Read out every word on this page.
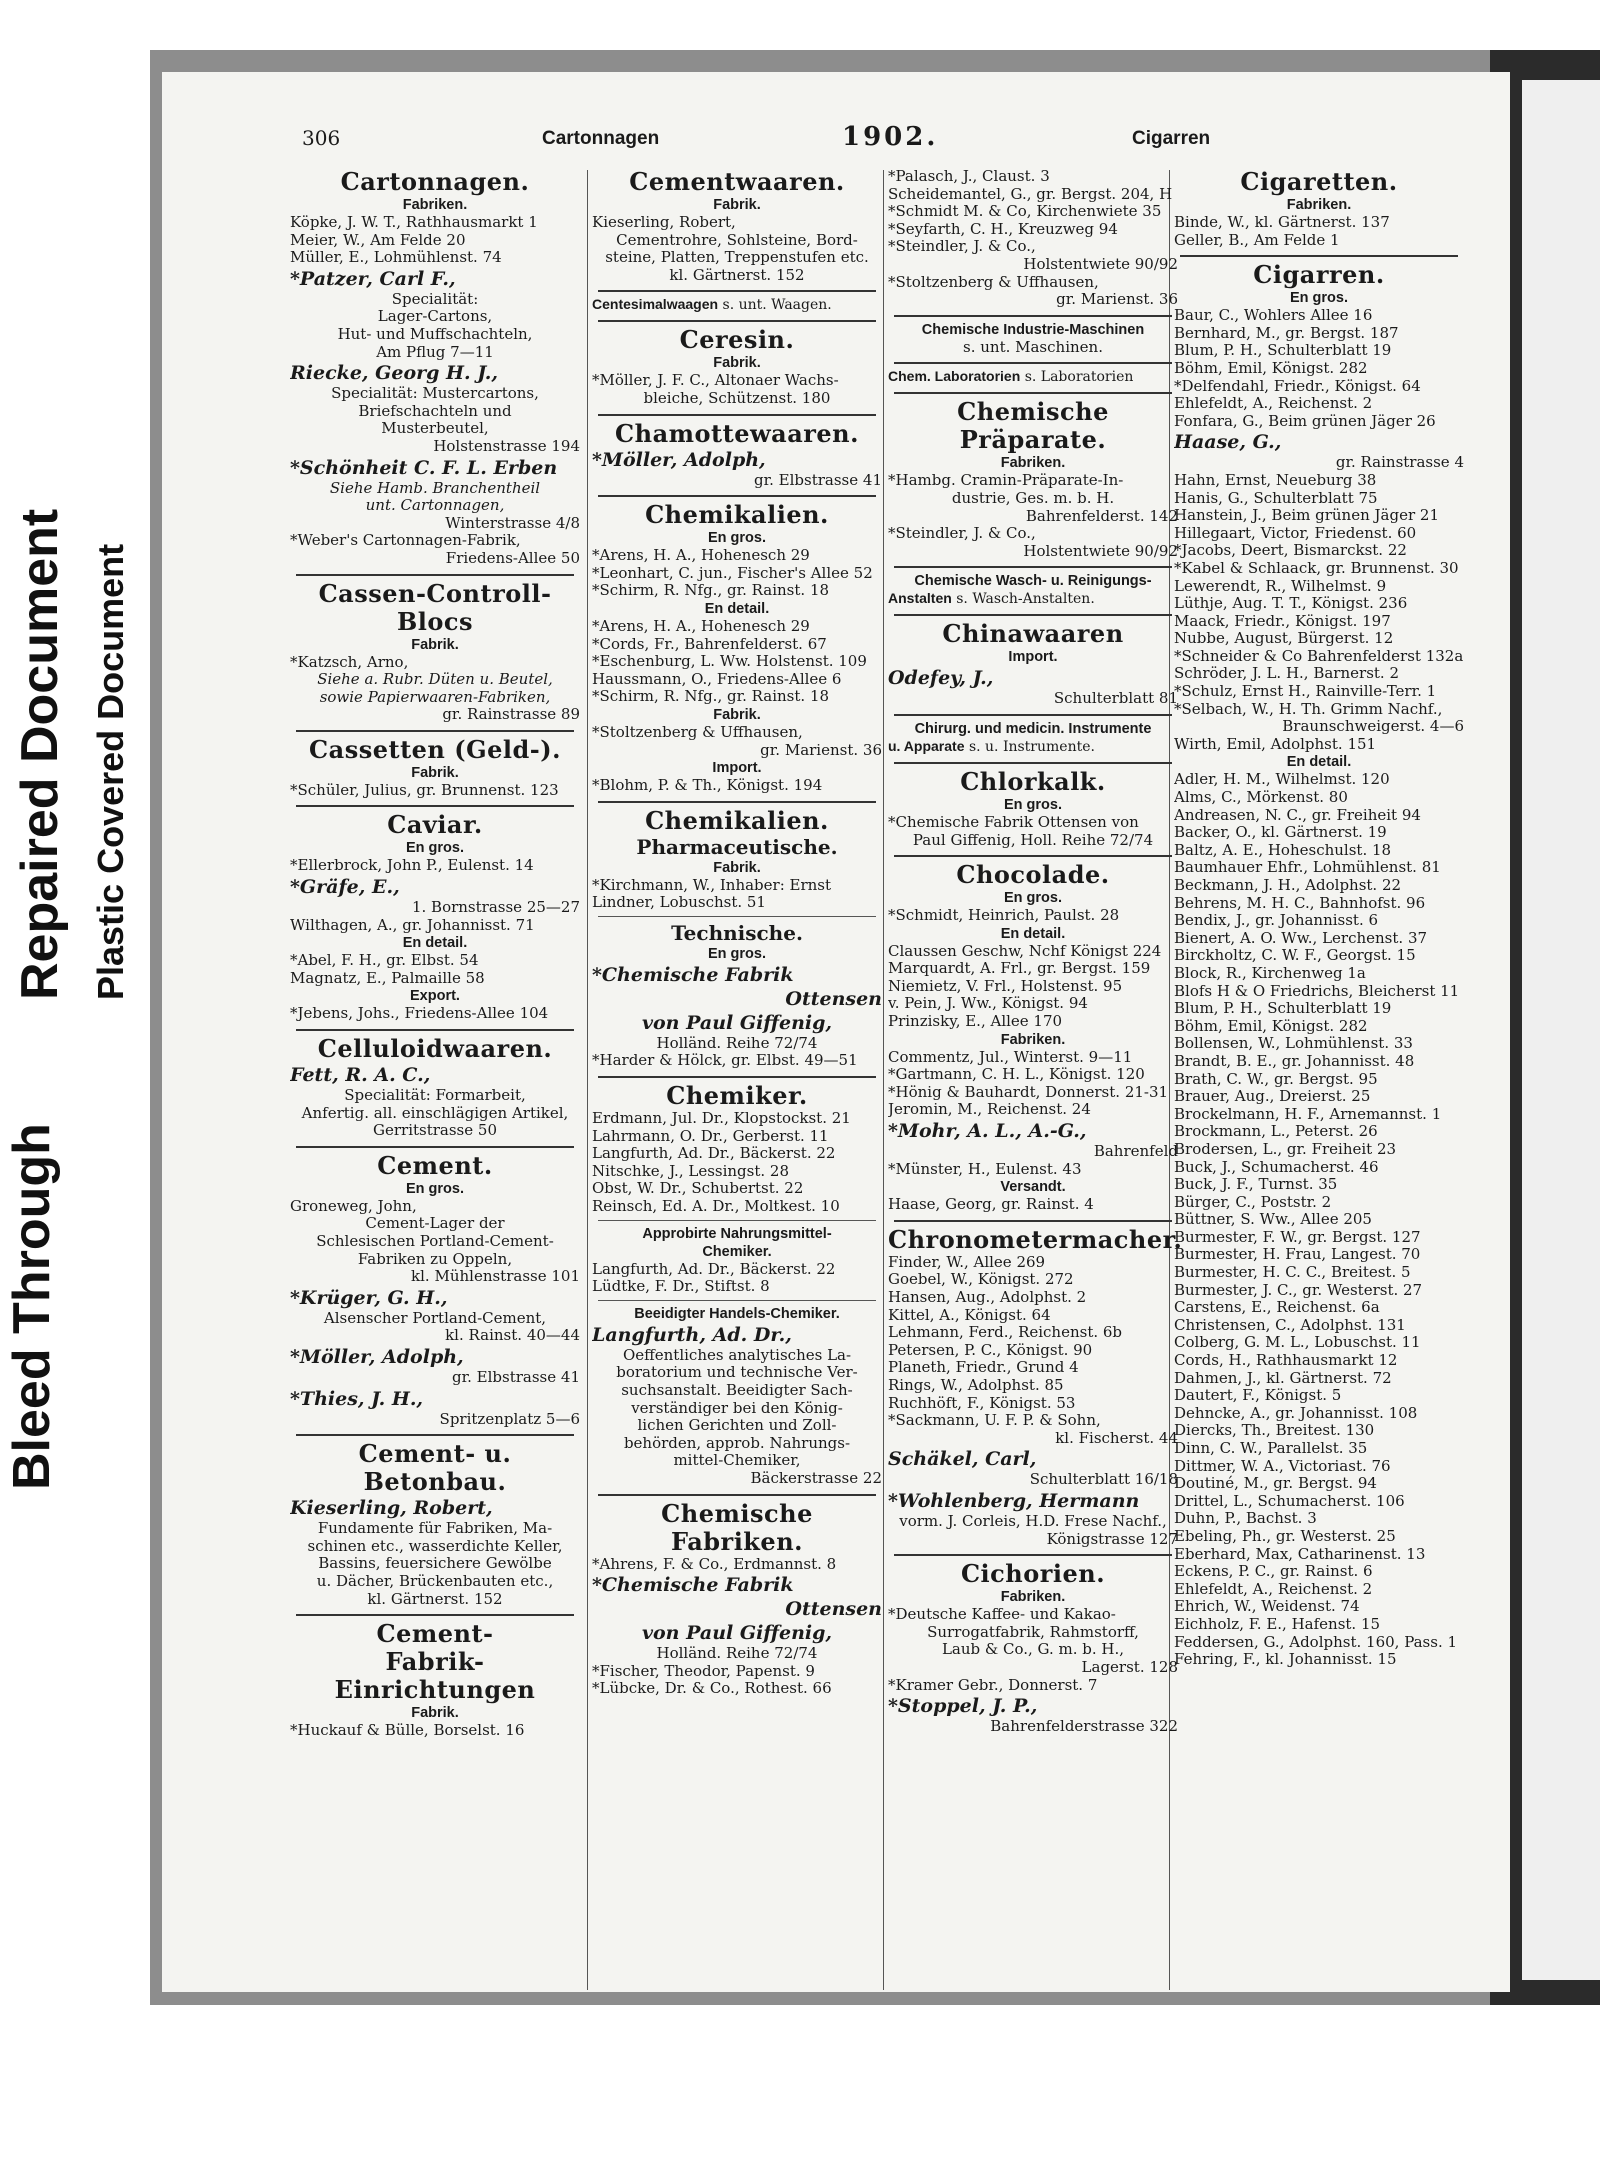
Bleed Through
Repaired Document Plastic Covered Document
306	Cartonnagen	1902.	Cigarren
Cartonnagen.
Fabriken.
Köpke, J. W. T., Rathhausmarkt 1
Meier, W., Am Felde 20
Müller, E., Lohmühlenst. 74
*Patzer, Carl F.,
Specialität:
Lager-Cartons,
Hut- und Muffschachteln,
Am Pflug 7—11
Riecke, Georg H. J.,
Specialität: Mustercartons,
Briefschachteln und
Musterbeutel,
Holstenstrasse 194
*Schönheit C. F. L. Erben
Siehe Hamb. Branchentheil
unt. Cartonnagen,
Winterstrasse 4/8
*Weber's Cartonnagen-Fabrik,
Friedens-Allee 50
Cassen-Controll-Blocs
Fabrik.
*Katzsch, Arno,
Siehe a. Rubr. Düten u. Beutel,
sowie Papierwaaren-Fabriken,
gr. Rainstrasse 89
Cassetten (Geld-).
Fabrik.
*Schüler, Julius, gr. Brunnenst. 123
Caviar.
En gros.
*Ellerbrock, John P., Eulenst. 14
*Gräfe, E.,
1. Bornstrasse 25—27
Wilthagen, A., gr. Johannisst. 71
En detail.
*Abel, F. H., gr. Elbst. 54
Magnatz, E., Palmaille 58
Export.
*Jebens, Johs., Friedens-Allee 104
Celluloidwaaren.
Fett, R. A. C.,
Specialität: Formarbeit,
Anfertig. all. einschlägigen Artikel,
Gerritstrasse 50
Cement.
En gros.
Groneweg, John,
Cement-Lager der
Schlesischen Portland-Cement-
Fabriken zu Oppeln,
kl. Mühlenstrasse 101
*Krüger, G. H.,
Alsenscher Portland-Cement,
kl. Rainst. 40—44
*Möller, Adolph,
gr. Elbstrasse 41
*Thies, J. H.,
Spritzenplatz 5—6
Cement- u. Betonbau.
Kieserling, Robert,
Fundamente für Fabriken, Ma-
schinen etc., wasserdichte Keller,
Bassins, feuersichere Gewölbe
u. Dächer, Brückenbauten etc.,
kl. Gärtnerst. 152
Cement-
Fabrik-Einrichtungen
Fabrik.
*Huckauf & Bülle, Borselst. 16
Cementwaaren.
Fabrik.
Kieserling, Robert,
Cementrohre, Sohlsteine, Bord-
steine, Platten, Treppenstufen etc.
kl. Gärtnerst. 152
Centesimalwaagen s. unt. Waagen.
Ceresin.
Fabrik.
*Möller, J. F. C., Altonaer Wachs-
bleiche, Schützenst. 180
Chamottewaaren.
*Möller, Adolph,
gr. Elbstrasse 41
Chemikalien.
En gros.
*Arens, H. A., Hohenesch 29
*Leonhart, C. jun., Fischer's Allee 52
*Schirm, R. Nfg., gr. Rainst. 18
En detail.
*Arens, H. A., Hohenesch 29
*Cords, Fr., Bahrenfelderst. 67
*Eschenburg, L. Ww. Holstenst. 109
Haussmann, O., Friedens-Allee 6
*Schirm, R. Nfg., gr. Rainst. 18
Fabrik.
*Stoltzenberg & Uffhausen,
gr. Marienst. 36
Import.
*Blohm, P. & Th., Königst. 194
Chemikalien.
Pharmaceutische.
Fabrik.
*Kirchmann, W., Inhaber: Ernst
Lindner, Lobuschst. 51
Technische.
En gros.
*Chemische Fabrik
Ottensen
von Paul Giffenig,
Holländ. Reihe 72/74
*Harder & Hölck, gr. Elbst. 49—51
Chemiker.
Erdmann, Jul. Dr., Klopstockst. 21
Lahrmann, O. Dr., Gerberst. 11
Langfurth, Ad. Dr., Bäckerst. 22
Nitschke, J., Lessingst. 28
Obst, W. Dr., Schubertst. 22
Reinsch, Ed. A. Dr., Moltkest. 10
Approbirte Nahrungsmittel-
Chemiker.
Langfurth, Ad. Dr., Bäckerst. 22
Lüdtke, F. Dr., Stiftst. 8
Beeidigter Handels-Chemiker.
Langfurth, Ad. Dr.,
Oeffentliches analytisches La-
boratorium und technische Ver-
suchsanstalt. Beeidigter Sach-
verständiger bei den König-
lichen Gerichten und Zoll-
behörden, approb. Nahrungs-
mittel-Chemiker,
Bäckerstrasse 22
Chemische Fabriken.
*Ahrens, F. & Co., Erdmannst. 8
*Chemische Fabrik
Ottensen
von Paul Giffenig,
Holländ. Reihe 72/74
*Fischer, Theodor, Papenst. 9
*Lübcke, Dr. & Co., Rothest. 66
*Palasch, J., Claust. 3
Scheidemantel, G., gr. Bergst. 204, H
*Schmidt M. & Co, Kirchenwiete 35
*Seyfarth, C. H., Kreuzweg 94
*Steindler, J. & Co.,
Holstentwiete 90/92
*Stoltzenberg & Uffhausen,
gr. Marienst. 36
Chemische Industrie-Maschinen
s. unt. Maschinen.
Chem. Laboratorien s. Laboratorien
Chemische Präparate.
Fabriken.
*Hambg. Cramin-Präparate-In-
dustrie, Ges. m. b. H.
Bahrenfelderst. 142
*Steindler, J. & Co.,
Holstentwiete 90/92
Chemische Wasch- u. Reinigungs-
Anstalten s. Wasch-Anstalten.
Chinawaaren
Import.
Odefey, J.,
Schulterblatt 81
Chirurg. und medicin. Instrumente
u. Apparate s. u. Instrumente.
Chlorkalk.
En gros.
*Chemische Fabrik Ottensen von
Paul Giffenig, Holl. Reihe 72/74
Chocolade.
En gros.
*Schmidt, Heinrich, Paulst. 28
En detail.
Claussen Geschw, Nchf Königst 224
Marquardt, A. Frl., gr. Bergst. 159
Niemietz, V. Frl., Holstenst. 95
v. Pein, J. Ww., Königst. 94
Prinzisky, E., Allee 170
Fabriken.
Commentz, Jul., Winterst. 9—11
*Gartmann, C. H. L., Königst. 120
*Hönig & Bauhardt, Donnerst. 21-31
Jeromin, M., Reichenst. 24
*Mohr, A. L., A.-G.,
Bahrenfeld
*Münster, H., Eulenst. 43
Versandt.
Haase, Georg, gr. Rainst. 4
Chronometermacher.
Finder, W., Allee 269
Goebel, W., Königst. 272
Hansen, Aug., Adolphst. 2
Kittel, A., Königst. 64
Lehmann, Ferd., Reichenst. 6b
Petersen, P. C., Königst. 90
Planeth, Friedr., Grund 4
Rings, W., Adolphst. 85
Ruchhöft, F., Königst. 53
*Sackmann, U. F. P. & Sohn,
kl. Fischerst. 44
Schäkel, Carl,
Schulterblatt 16/18
*Wohlenberg, Hermann
vorm. J. Corleis, H.D. Frese Nachf.,
Königstrasse 127
Cichorien.
Fabriken.
*Deutsche Kaffee- und Kakao-
Surrogatfabrik, Rahmstorff,
Laub & Co., G. m. b. H.,
Lagerst. 128
*Kramer Gebr., Donnerst. 7
*Stoppel, J. P.,
Bahrenfelderstrasse 322
Cigaretten.
Fabriken.
Binde, W., kl. Gärtnerst. 137
Geller, B., Am Felde 1
Cigarren.
En gros.
Baur, C., Wohlers Allee 16
Bernhard, M., gr. Bergst. 187
Blum, P. H., Schulterblatt 19
Böhm, Emil, Königst. 282
*Delfendahl, Friedr., Königst. 64
Ehlefeldt, A., Reichenst. 2
Fonfara, G., Beim grünen Jäger 26
Haase, G.,
gr. Rainstrasse 4
Hahn, Ernst, Neueburg 38
Hanis, G., Schulterblatt 75
Hanstein, J., Beim grünen Jäger 21
Hillegaart, Victor, Friedenst. 60
*Jacobs, Deert, Bismarckst. 22
*Kabel & Schlaack, gr. Brunnenst. 30
Lewerendt, R., Wilhelmst. 9
Lüthje, Aug. T. T., Königst. 236
Maack, Friedr., Königst. 197
Nubbe, August, Bürgerst. 12
*Schneider & Co Bahrenfelderst 132a
Schröder, J. L. H., Barnerst. 2
*Schulz, Ernst H., Rainville-Terr. 1
*Selbach, W., H. Th. Grimm Nachf.,
Braunschweigerst. 4—6
Wirth, Emil, Adolphst. 151
En detail.
Adler, H. M., Wilhelmst. 120
Alms, C., Mörkenst. 80
Andreasen, N. C., gr. Freiheit 94
Backer, O., kl. Gärtnerst. 19
Baltz, A. E., Hoheschulst. 18
Baumhauer Ehfr., Lohmühlenst. 81
Beckmann, J. H., Adolphst. 22
Behrens, M. H. C., Bahnhofst. 96
Bendix, J., gr. Johannisst. 6
Bienert, A. O. Ww., Lerchenst. 37
Birckholtz, C. W. F., Georgst. 15
Block, R., Kirchenweg 1a
Blofs H & O Friedrichs, Bleicherst 11
Blum, P. H., Schulterblatt 19
Böhm, Emil, Königst. 282
Bollensen, W., Lohmühlenst. 33
Brandt, B. E., gr. Johannisst. 48
Brath, C. W., gr. Bergst. 95
Brauer, Aug., Dreierst. 25
Brockelmann, H. F., Arnemannst. 1
Brockmann, L., Peterst. 26
Brodersen, L., gr. Freiheit 23
Buck, J., Schumacherst. 46
Buck, J. F., Turnst. 35
Bürger, C., Poststr. 2
Büttner, S. Ww., Allee 205
Burmester, F. W., gr. Bergst. 127
Burmester, H. Frau, Langest. 70
Burmester, H. C. C., Breitest. 5
Burmester, J. C., gr. Westerst. 27
Carstens, E., Reichenst. 6a
Christensen, C., Adolphst. 131
Colberg, G. M. L., Lobuschst. 11
Cords, H., Rathhausmarkt 12
Dahmen, J., kl. Gärtnerst. 72
Dautert, F., Königst. 5
Dehncke, A., gr. Johannisst. 108
Diercks, Th., Breitest. 130
Dinn, C. W., Parallelst. 35
Dittmer, W. A., Victoriast. 76
Doutiné, M., gr. Bergst. 94
Drittel, L., Schumacherst. 106
Duhn, P., Bachst. 3
Ebeling, Ph., gr. Westerst. 25
Eberhard, Max, Catharinenst. 13
Eckens, P. C., gr. Rainst. 6
Ehlefeldt, A., Reichenst. 2
Ehrich, W., Weidenst. 74
Eichholz, F. E., Hafenst. 15
Feddersen, G., Adolphst. 160, Pass. 1
Fehring, F., kl. Johannisst. 15
